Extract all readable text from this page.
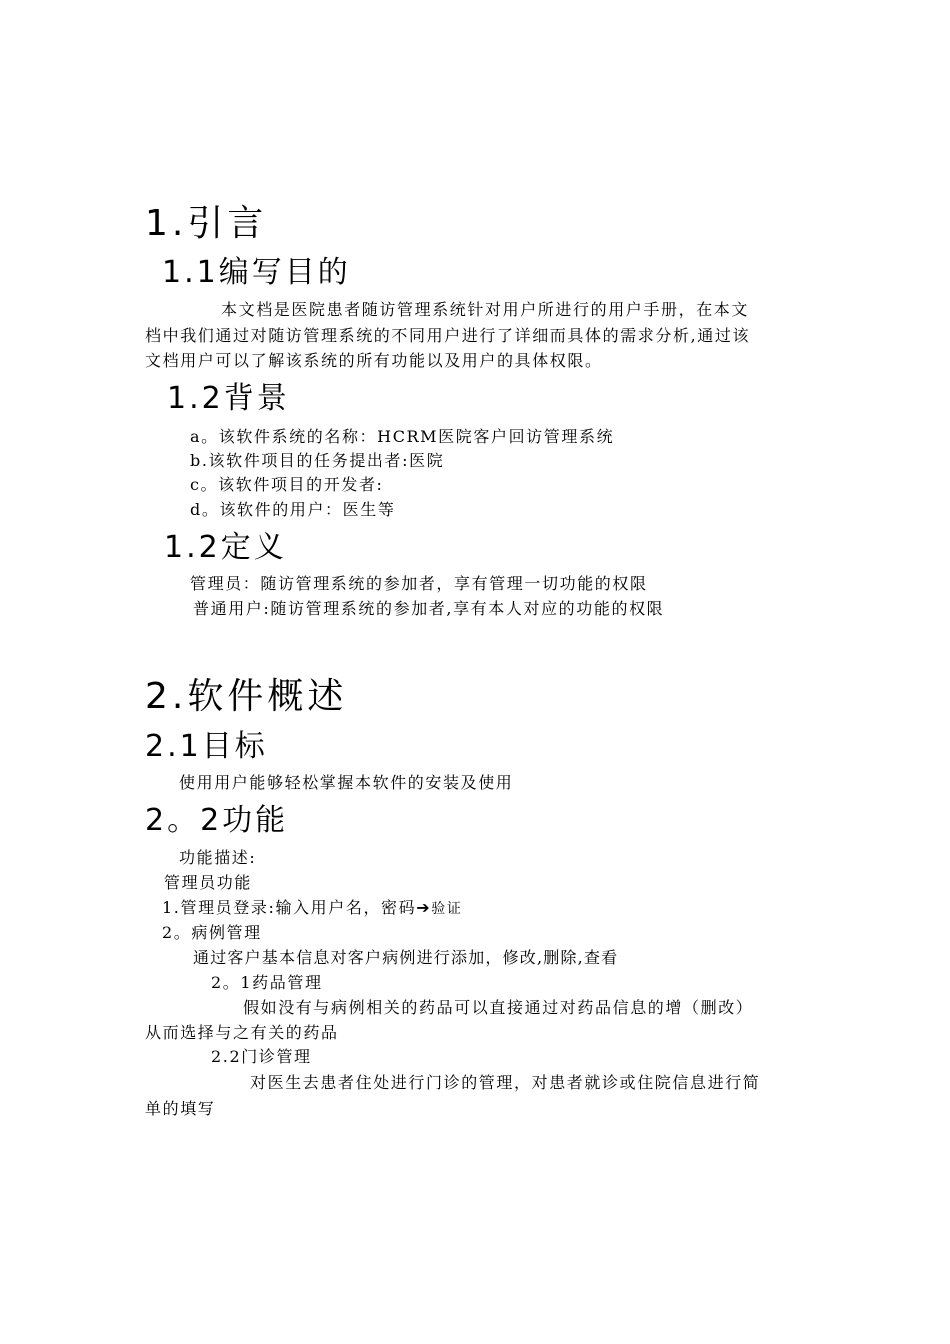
1.引言
1.1编写目的
本文档是医院患者随访管理系统针对用户所进行的用户手册，在本文
档中我们通过对随访管理系统的不同用户进行了详细而具体的需求分析,通过该
文档用户可以了解该系统的所有功能以及用户的具体权限。
1.2背景
a。该软件系统的名称：HCRM医院客户回访管理系统
b.该软件项目的任务提出者:医院
c。该软件项目的开发者:
d。该软件的用户：医生等
1.2定义
管理员：随访管理系统的参加者，享有管理一切功能的权限
普通用户:随访管理系统的参加者,享有本人对应的功能的权限
2.软件概述
2.1目标
使用用户能够轻松掌握本软件的安装及使用
2。2功能
功能描述:
管理员功能
1.管理员登录:输入用户名，密码➔验证
2。病例管理
通过客户基本信息对客户病例进行添加，修改,删除,查看
2。1药品管理
假如没有与病例相关的药品可以直接通过对药品信息的增（删改）
从而选择与之有关的药品
2.2门诊管理
对医生去患者住处进行门诊的管理，对患者就诊或住院信息进行简
单的填写
